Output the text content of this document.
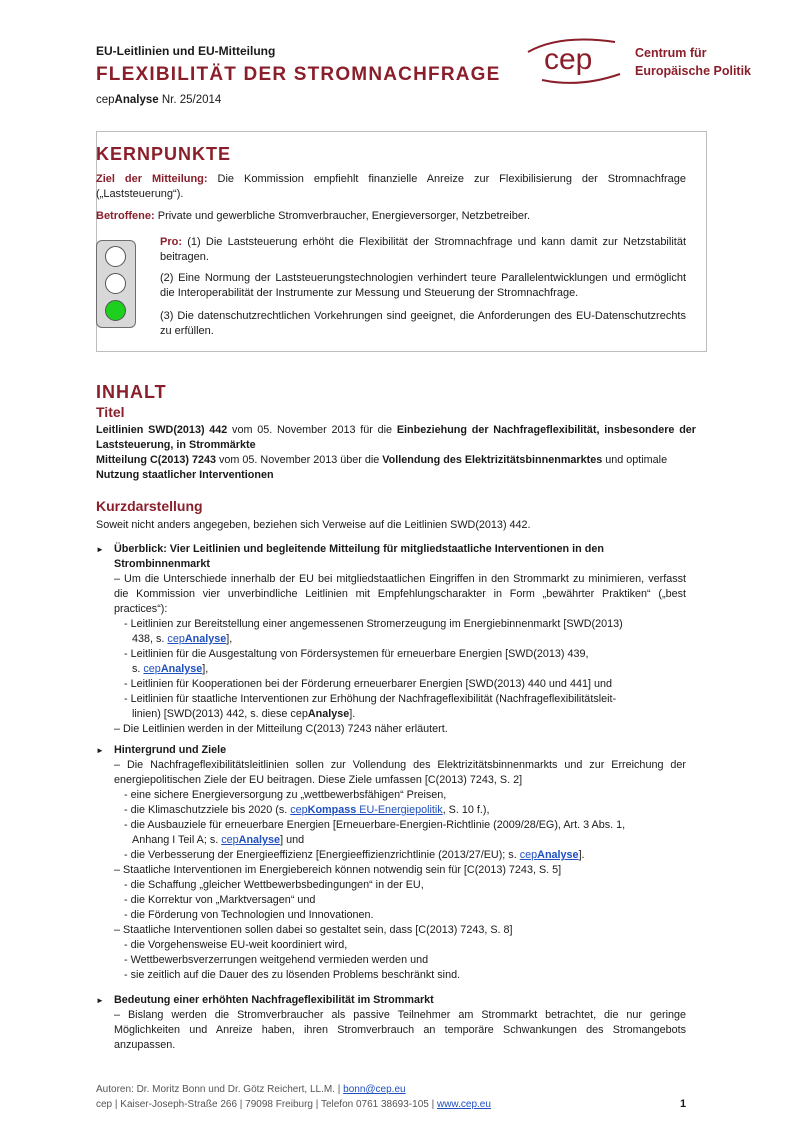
EU-Leitlinien und EU-Mitteilung
FLEXIBILITÄT DER STROMNACHFRAGE
cepAnalyse Nr. 25/2014
cep	Centrum für
Europäische Politik
KERNPUNKTE
Ziel der Mitteilung: Die Kommission empfiehlt finanzielle Anreize zur Flexibilisierung der Stromnachfrage („Laststeuerung“).
Betroffene: Private und gewerbliche Stromverbraucher, Energieversorger, Netzbetreiber.
Pro: (1) Die Laststeuerung erhöht die Flexibilität der Stromnachfrage und kann damit zur Netzstabilität beitragen.
(2) Eine Normung der Laststeuerungstechnologien verhindert teure Parallelentwicklungen und ermöglicht die Interoperabilität der Instrumente zur Messung und Steuerung der Stromnachfrage.
(3) Die datenschutzrechtlichen Vorkehrungen sind geeignet, die Anforderungen des EU-Datenschutzrechts zu erfüllen.
INHALT
Titel
Leitlinien SWD(2013) 442 vom 05. November 2013 für die Einbeziehung der Nachfrageflexibilität, insbesondere der Laststeuerung, in Strommärkte
Mitteilung C(2013) 7243 vom 05. November 2013 über die Vollendung des Elektrizitätsbinnenmarktes und optimale Nutzung staatlicher Interventionen
Kurzdarstellung
Soweit nicht anders angegeben, beziehen sich Verweise auf die Leitlinien SWD(2013) 442.
► Überblick: Vier Leitlinien und begleitende Mitteilung für mitgliedstaatliche Interventionen in den
Strombinnenmarkt
– Um die Unterschiede innerhalb der EU bei mitgliedstaatlichen Eingriffen in den Strommarkt zu minimieren, verfasst die Kommission vier unverbindliche Leitlinien mit Empfehlungscharakter in Form „bewährter Praktiken“ („best practices“):
- Leitlinien zur Bereitstellung einer angemessenen Stromerzeugung im Energiebinnenmarkt [SWD(2013)
438, s. cepAnalyse],
- Leitlinien für die Ausgestaltung von Fördersystemen für erneuerbare Energien [SWD(2013) 439,
s. cepAnalyse],
- Leitlinien für Kooperationen bei der Förderung erneuerbarer Energien [SWD(2013) 440 und 441] und
- Leitlinien für staatliche Interventionen zur Erhöhung der Nachfrageflexibilität (Nachfrageflexibilitätsleit-
linien) [SWD(2013) 442, s. diese cepAnalyse].
– Die Leitlinien werden in der Mitteilung C(2013) 7243 näher erläutert.
► Hintergrund und Ziele
– Die Nachfrageflexibilitätsleitlinien sollen zur Vollendung des Elektrizitätsbinnenmarkts und zur Erreichung der energiepolitischen Ziele der EU beitragen. Diese Ziele umfassen [C(2013) 7243, S. 2]
- eine sichere Energieversorgung zu „wettbewerbsfähigen“ Preisen,
- die Klimaschutzziele bis 2020 (s. cepKompass EU-Energiepolitik, S. 10 f.),
- die Ausbauziele für erneuerbare Energien [Erneuerbare-Energien-Richtlinie (2009/28/EG), Art. 3 Abs. 1,
Anhang I Teil A; s. cepAnalyse] und
- die Verbesserung der Energieeffizienz [Energieeffizienzrichtlinie (2013/27/EU); s. cepAnalyse].
– Staatliche Interventionen im Energiebereich können notwendig sein für [C(2013) 7243, S. 5]
- die Schaffung „gleicher Wettbewerbsbedingungen“ in der EU,
- die Korrektur von „Marktversagen“ und
- die Förderung von Technologien und Innovationen.
– Staatliche Interventionen sollen dabei so gestaltet sein, dass [C(2013) 7243, S. 8]
- die Vorgehensweise EU-weit koordiniert wird,
- Wettbewerbsverzerrungen weitgehend vermieden werden und
- sie zeitlich auf die Dauer des zu lösenden Problems beschränkt sind.
► Bedeutung einer erhöhten Nachfrageflexibilität im Strommarkt
– Bislang werden die Stromverbraucher als passive Teilnehmer am Strommarkt betrachtet, die nur geringe Möglichkeiten und Anreize haben, ihren Stromverbrauch an temporäre Schwankungen des Stromangebots anzupassen.
Autoren: Dr. Moritz Bonn und Dr. Götz Reichert, LL.M. | bonn@cep.eu
cep | Kaiser-Joseph-Straße 266 | 79098 Freiburg | Telefon 0761 38693-105 | www.cep.eu	1
